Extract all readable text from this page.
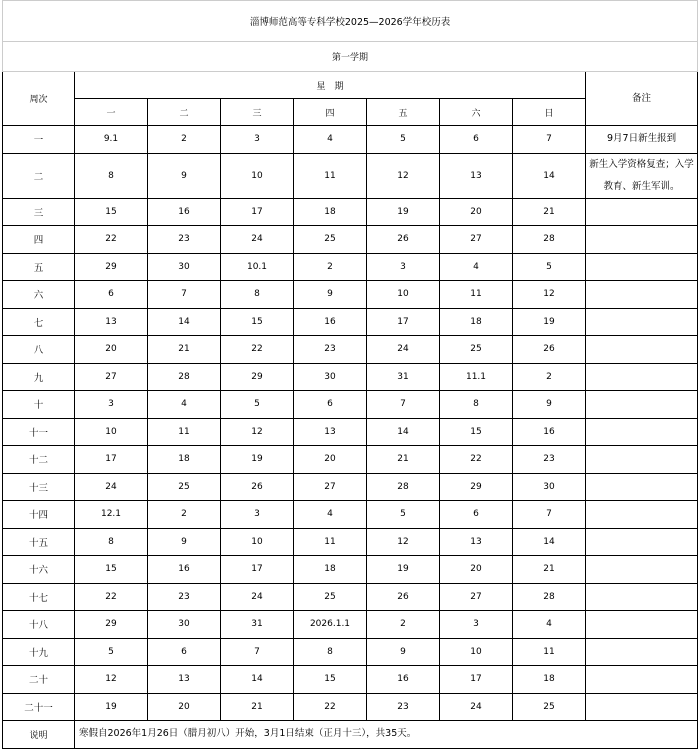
淄博师范高等专科学校2025—2026学年校历表								
第一学期								
周次	星　期							备注
	一	二	三	四	五	六	日	
一	9.1	2	3	4	5	6	7	9月7日新生报到
二	8	9	10	11	12	13	14	新生入学资格复查；入学教育、新生军训。
三	15	16	17	18	19	20	21	
四	22	23	24	25	26	27	28	
五	29	30	10.1	2	3	4	5	
六	6	7	8	9	10	11	12	
七	13	14	15	16	17	18	19	
八	20	21	22	23	24	25	26	
九	27	28	29	30	31	11.1	2	
十	3	4	5	6	7	8	9	
十一	10	11	12	13	14	15	16	
十二	17	18	19	20	21	22	23	
十三	24	25	26	27	28	29	30	
十四	12.1	2	3	4	5	6	7	
十五	8	9	10	11	12	13	14	
十六	15	16	17	18	19	20	21	
十七	22	23	24	25	26	27	28	
十八	29	30	31	2026.1.1	2	3	4	
十九	5	6	7	8	9	10	11	
二十	12	13	14	15	16	17	18	
二十一	19	20	21	22	23	24	25	
说明	寒假自2026年1月26日（腊月初八）开始，3月1日结束（正月十三），共35天。							
